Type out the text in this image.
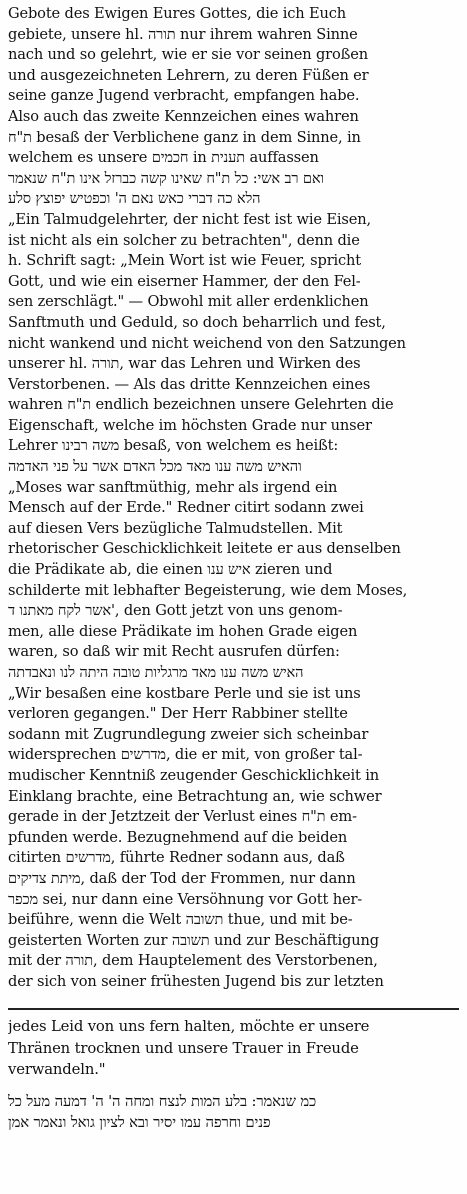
Gebote des Ewigen Eures Gottes, die ich Euch
gebiete, unsere hl. תורה nur ihrem wahren Sinne
nach und so gelehrt, wie er sie vor seinen großen
und ausgezeichneten Lehrern, zu deren Füßen er
seine ganze Jugend verbracht, empfangen habe.
Also auch das zweite Kennzeichen eines wahren
ת"ח besaß der Verblichene ganz in dem Sinne, in
welchem es unsere חכמים in תענית auffassen
ואם רב אשי: כל ת"ח שאינו קשה כברזל אינו ת"ח שנאמר
הלא כה דברי כאש נאם ה' וכפטיש יפוצץ סלע
„Ein Talmudgelehrter, der nicht fest ist wie Eisen,
ist nicht als ein solcher zu betrachten", denn die
h. Schrift sagt: „Mein Wort ist wie Feuer, spricht
Gott, und wie ein eiserner Hammer, der den Fel-
sen zerschlägt." — Obwohl mit aller erdenklichen
Sanftmuth und Geduld, so doch beharrlich und fest,
nicht wankend und nicht weichend von den Satzungen
unserer hl. תורה, war das Lehren und Wirken des
Verstorbenen. — Als das dritte Kennzeichen eines
wahren ת"ח endlich bezeichnen unsere Gelehrten die
Eigenschaft, welche im höchsten Grade nur unser
Lehrer משה רבינו besaß, von welchem es heißt:
והאיש משה ענו מאד מכל האדם אשר על פני האדמה
„Moses war sanftmüthig, mehr als irgend ein
Mensch auf der Erde." Redner citirt sodann zwei
auf diesen Vers bezügliche Talmudstellen. Mit
rhetorischer Geschicklichkeit leitete er aus denselben
die Prädikate ab, die einen איש ענו zieren und
schilderte mit lebhafter Begeisterung, wie dem Moses,
אשר לקח מאתנו ד', den Gott jetzt von uns genom-
men, alle diese Prädikate im hohen Grade eigen
waren, so daß wir mit Recht ausrufen dürfen:
האיש משה ענו מאד מרגליות טובה היתה לנו ונאבדתה
„Wir besaßen eine kostbare Perle und sie ist uns
verloren gegangen." Der Herr Rabbiner stellte
sodann mit Zugrundlegung zweier sich scheinbar
widersprechen מדרשים, die er mit, von großer tal-
mudischer Kenntniß zeugender Geschicklichkeit in
Einklang brachte, eine Betrachtung an, wie schwer
gerade in der Jetztzeit der Verlust eines ת"ח em-
pfunden werde. Bezugnehmend auf die beiden
citirten מדרשים, führte Redner sodann aus, daß
מיתת צדיקים, daß der Tod der Frommen, nur dann
מכפר sei, nur dann eine Versöhnung vor Gott her-
beiführe, wenn die Welt תשובה thue, und mit be-
geisterten Worten zur תשובה und zur Beschäftigung
mit der תורה, dem Hauptelement des Verstorbenen,
der sich von seiner frühesten Jugend bis zur letzten
jedes Leid von uns fern halten, möchte er unsere
Thränen trocknen und unsere Trauer in Freude
verwandeln."
כמ שנאמר: בלע המות לנצח ומחה ה' ה' דמעה מעל כל
פנים וחרפה עמו יסיר ובא לציון גואל ונאמר אמן
